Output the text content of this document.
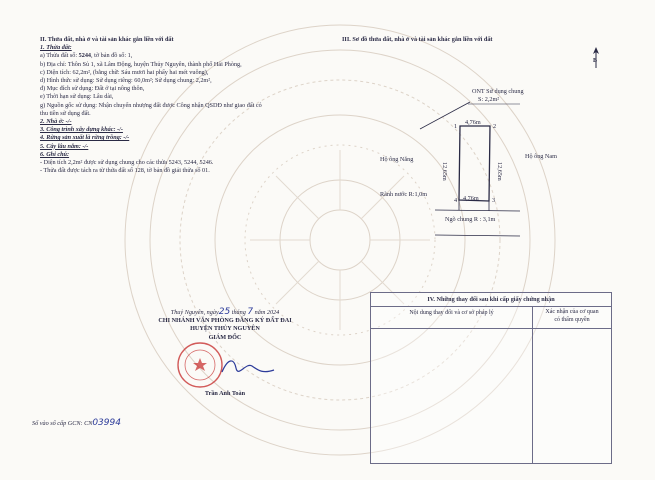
II. Thửa đất, nhà ở và tài sản khác gắn liền với đất
1. Thửa đất:
a) Thửa đất số: 5244, tờ bản đồ số: 1,
b) Địa chỉ: Thôn Sủ 1, xã Lâm Động, huyện Thủy Nguyên, thành phố Hải Phòng,
c) Diện tích: 62,2m², (bằng chữ: Sáu mươi hai phẩy hai mét vuông),
d) Hình thức sử dụng: Sử dụng riêng: 60,0m²; Sử dụng chung: 2,2m²,
đ) Mục đích sử dụng: Đất ở tại nông thôn,
e) Thời hạn sử dụng: Lâu dài,
g) Nguồn gốc sử dụng: Nhận chuyển nhượng đất được Công nhận QSDĐ như giao đất có
thu tiền sử dụng đất.
2. Nhà ở: -/-
3. Công trình xây dựng khác: -/-
4. Rừng sản xuất là rừng trồng: -/-
5. Cây lâu năm: -/-
6. Ghi chú:
- Diện tích 2,2m² được sử dụng chung cho các thửa 5243, 5244, 5246.
- Thửa đất được tách ra từ thửa đất số 128, tờ bản đồ giải thửa số 01.
III. Sơ đồ thửa đất, nhà ở và tài sản khác gắn liền với đất
B
ONT Sử dụng chung
S: 2,2m²
4,76m
1	2
4	3
4,76m
12,65m	12,65m
Hộ ông Năng	Hộ ông Nam
Rãnh nước R:1,0m
Ngõ chung R : 3,1m
IV. Những thay đổi sau khi cấp giấy chứng nhận
Nội dung thay đổi và cơ sở pháp lý	Xác nhận của cơ quan
có thẩm quyền
Thuỷ Nguyên, ngày25 tháng 7 năm 2024
CHI NHÁNH VĂN PHÒNG ĐĂNG KÝ ĐẤT ĐAI
HUYỆN THỦY NGUYÊN
GIÁM ĐỐC
Trần Anh Toàn
Số vào sổ cấp GCN: CN03994
